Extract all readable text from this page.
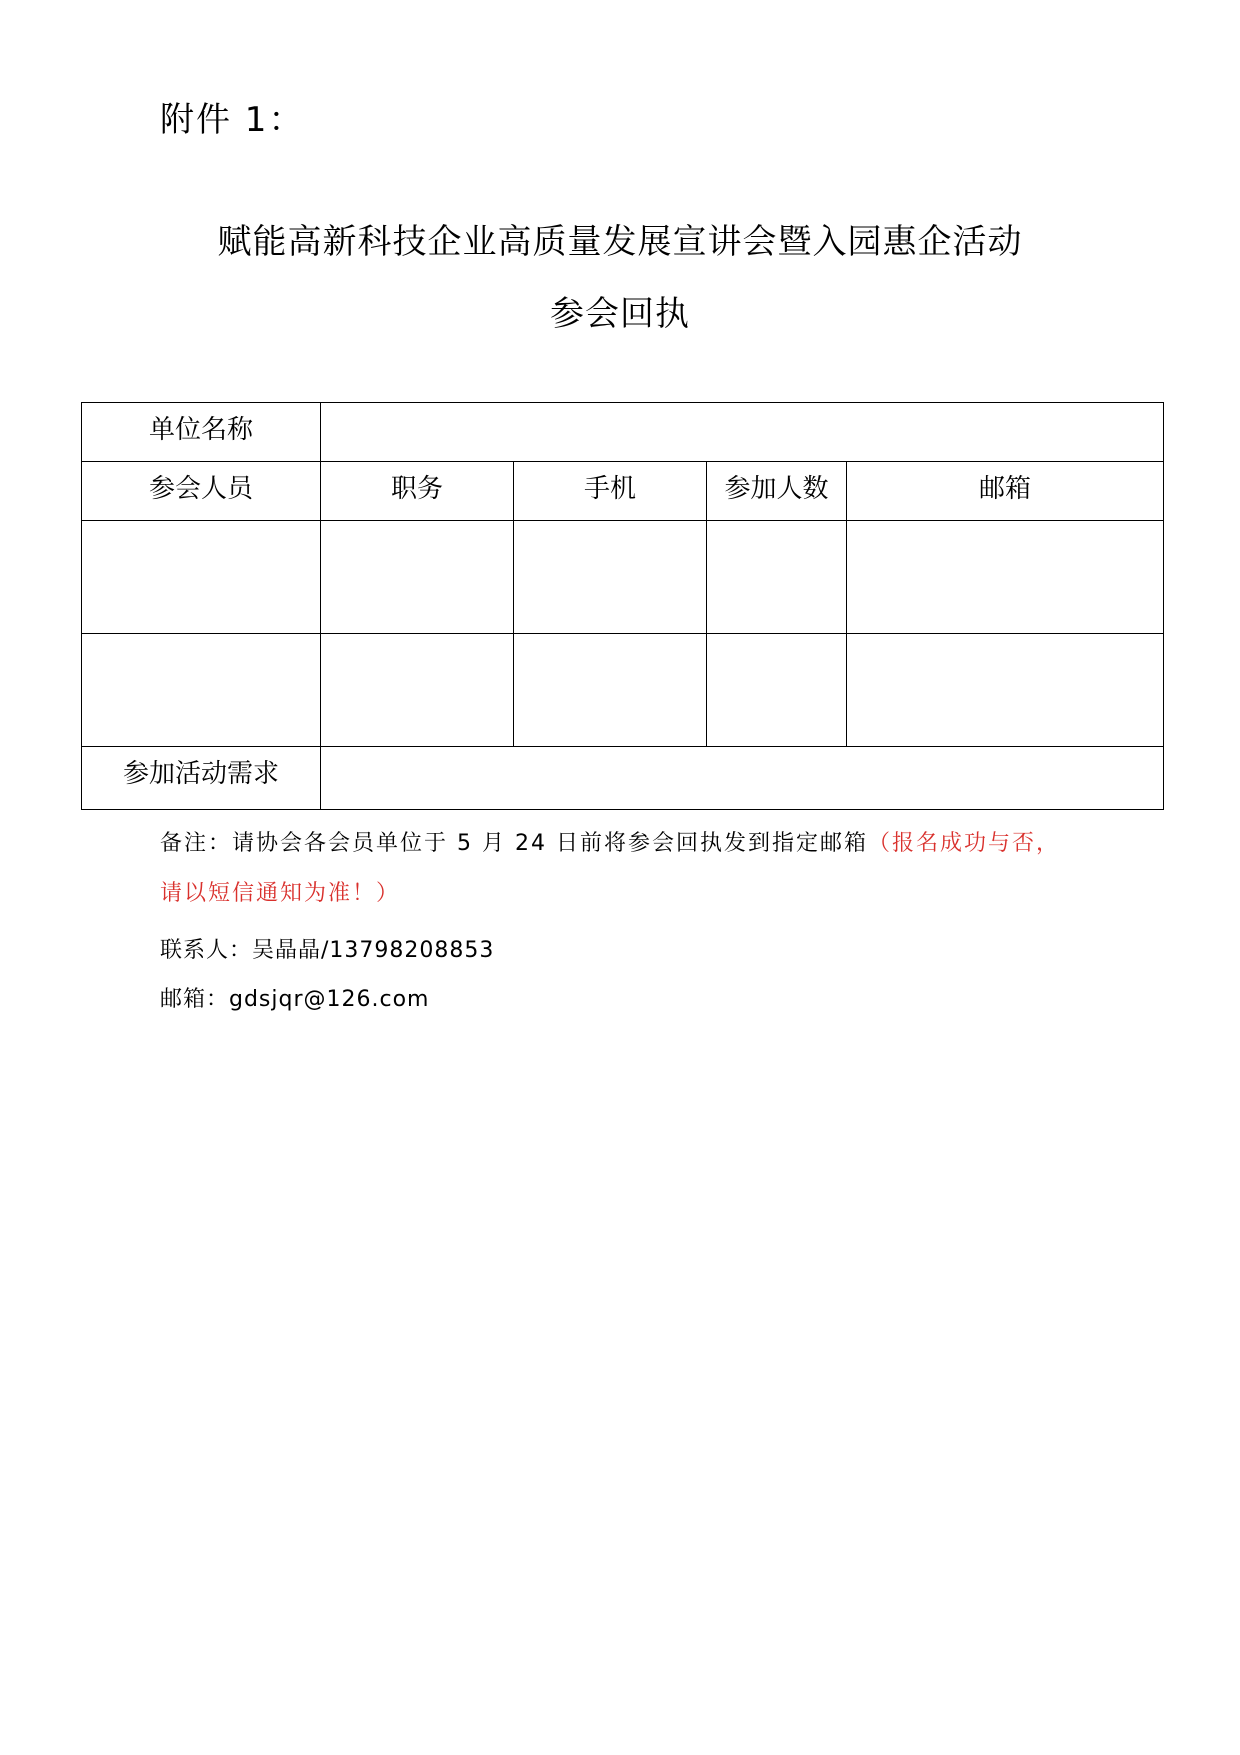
附件 1：
赋能高新科技企业高质量发展宣讲会暨入园惠企活动
参会回执
单位名称				

参会人员	职务	手机	参加人数	邮箱

参加活动需求				

备注：请协会各会员单位于 5 月 24 日前将参会回执发到指定邮箱（报名成功与否，
请以短信通知为准！）
联系人：吴晶晶/13798208853
邮箱：gdsjqr@126.com
